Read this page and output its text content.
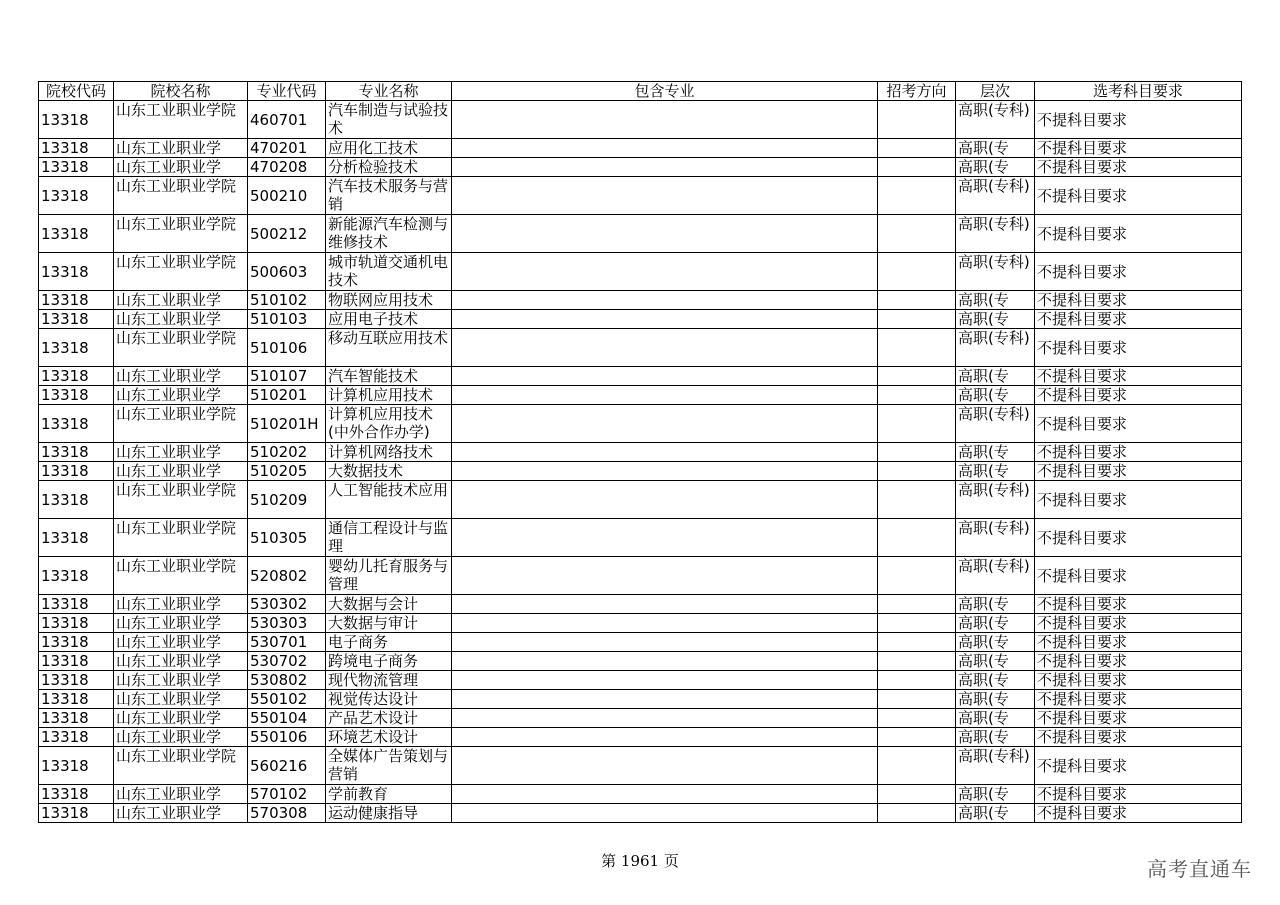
院校代码	院校名称	专业代码	专业名称	包含专业	招考方向	层次	选考科目要求
13318	山东工业职业学院	460701	汽车制造与试验技术			高职(专科)	不提科目要求
13318	山东工业职业学	470201	应用化工技术			高职(专	不提科目要求
13318	山东工业职业学	470208	分析检验技术			高职(专	不提科目要求
13318	山东工业职业学院	500210	汽车技术服务与营销			高职(专科)	不提科目要求
13318	山东工业职业学院	500212	新能源汽车检测与维修技术			高职(专科)	不提科目要求
13318	山东工业职业学院	500603	城市轨道交通机电技术			高职(专科)	不提科目要求
13318	山东工业职业学	510102	物联网应用技术			高职(专	不提科目要求
13318	山东工业职业学	510103	应用电子技术			高职(专	不提科目要求
13318	山东工业职业学院	510106	移动互联应用技术			高职(专科)	不提科目要求
13318	山东工业职业学	510107	汽车智能技术			高职(专	不提科目要求
13318	山东工业职业学	510201	计算机应用技术			高职(专	不提科目要求
13318	山东工业职业学院	510201H	计算机应用技术(中外合作办学)			高职(专科)	不提科目要求
13318	山东工业职业学	510202	计算机网络技术			高职(专	不提科目要求
13318	山东工业职业学	510205	大数据技术			高职(专	不提科目要求
13318	山东工业职业学院	510209	人工智能技术应用			高职(专科)	不提科目要求
13318	山东工业职业学院	510305	通信工程设计与监理			高职(专科)	不提科目要求
13318	山东工业职业学院	520802	婴幼儿托育服务与管理			高职(专科)	不提科目要求
13318	山东工业职业学	530302	大数据与会计			高职(专	不提科目要求
13318	山东工业职业学	530303	大数据与审计			高职(专	不提科目要求
13318	山东工业职业学	530701	电子商务			高职(专	不提科目要求
13318	山东工业职业学	530702	跨境电子商务			高职(专	不提科目要求
13318	山东工业职业学	530802	现代物流管理			高职(专	不提科目要求
13318	山东工业职业学	550102	视觉传达设计			高职(专	不提科目要求
13318	山东工业职业学	550104	产品艺术设计			高职(专	不提科目要求
13318	山东工业职业学	550106	环境艺术设计			高职(专	不提科目要求
13318	山东工业职业学院	560216	全媒体广告策划与营销			高职(专科)	不提科目要求
13318	山东工业职业学	570102	学前教育			高职(专	不提科目要求
13318	山东工业职业学	570308	运动健康指导			高职(专	不提科目要求
第 1961 页	高考直通车
